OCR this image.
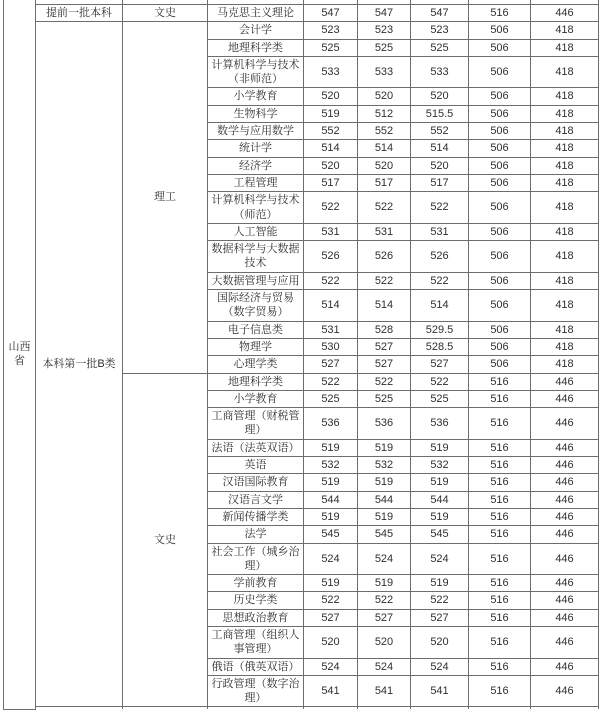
山西省								
	提前一批本科	文史	马克思主义理论	547	547	547	516	446
	本科第一批B类	理工	会计学	523	523	523	506	418
			地理科学类	525	525	525	506	418
			计算机科学与技术（非师范）	533	533	533	506	418
			小学教育	520	520	520	506	418
			生物科学	519	512	515.5	506	418
			数学与应用数学	552	552	552	506	418
			统计学	514	514	514	506	418
			经济学	520	520	520	506	418
			工程管理	517	517	517	506	418
			计算机科学与技术（师范）	522	522	522	506	418
			人工智能	531	531	531	506	418
			数据科学与大数据技术	526	526	526	506	418
			大数据管理与应用	522	522	522	506	418
			国际经济与贸易（数字贸易）	514	514	514	506	418
			电子信息类	531	528	529.5	506	418
			物理学	530	527	528.5	506	418
			心理学类	527	527	527	506	418
		文史	地理科学类	522	522	522	516	446
			小学教育	525	525	525	516	446
			工商管理（财税管理）	536	536	536	516	446
			法语（法英双语）	519	519	519	516	446
			英语	532	532	532	516	446
			汉语国际教育	519	519	519	516	446
			汉语言文学	544	544	544	516	446
			新闻传播学类	519	519	519	516	446
			法学	545	545	545	516	446
			社会工作（城乡治理）	524	524	524	516	446
			学前教育	519	519	519	516	446
			历史学类	522	522	522	516	446
			思想政治教育	527	527	527	516	446
			工商管理（组织人事管理）	520	520	520	516	446
			俄语（俄英双语）	524	524	524	516	446
			行政管理（数字治理）	541	541	541	516	446
